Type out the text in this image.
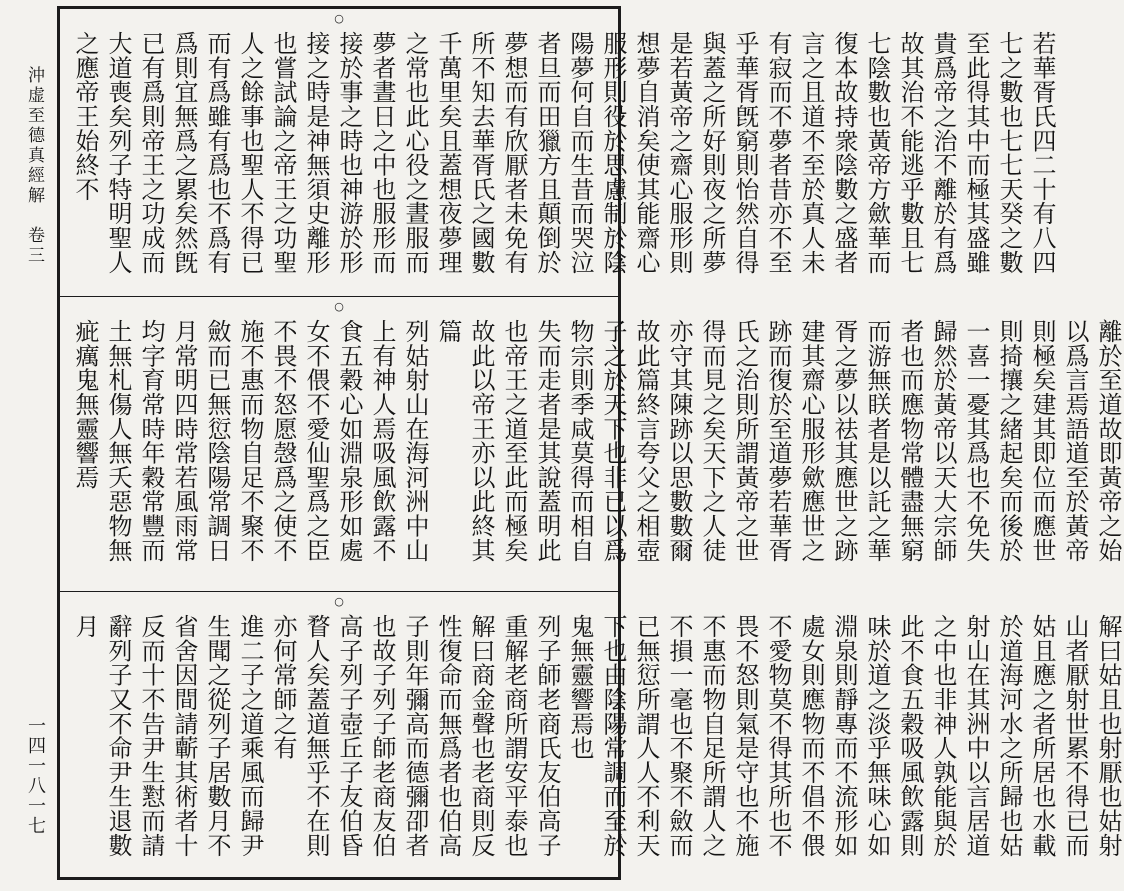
沖虚至德真經解　卷三
一四一八一七
○

若華胥氏四二十有八四七之數也七七天癸之數至此得其中而極其盛雖貴爲帝之治不離於有爲故其治不能逃乎數且七七陰數也黃帝方歛華而復本故持衆陰數之盛者言之且道不至於真人未有寂而不夢者昔亦不至乎華胥旣窮則怡然自得與蓋之所好則夜之所夢是若黃帝之齋心服形則想夢自消矣使其能齋心服形則役於思慮制於陰陽夢何自而生昔而哭泣者旦而田獵方且顛倒於夢想而有欣厭者未免有所不知去華胥氏之國數千萬里矣且蓋想夜夢理之常也此心役之晝服而夢者晝日之中也服形而接於事之時也神游於形接之時是神無須史離形也嘗試論之帝王之功聖人之餘事也聖人不得已而有爲雖有爲也不爲有爲則宜無爲之累矣然旣已有爲則帝王之功成而大道喪矣列子特明聖人之應帝王始終不

○

離於至道故即黃帝之始以爲言焉語道至於黃帝則極矣建其即位而應世則掎攘之緒起矣而後於一喜一憂其爲也不免失歸然於黃帝以天大宗師者也而應物常體盡無窮而游無眹者是以託之華胥之夢以祛其應世之跡建其齋心服形歛應世之跡而復於至道夢若華胥氏之治則所謂黃帝之世得而見之矣天下之人徒亦守其陳跡以思數數爾故此篇終言夸父之相壺子之於天下也非已以爲物宗則季咸莫得而相自失而走者是其說蓋明此也帝王之道至此而極矣故此以帝王亦以此終其篇

列姑射山在海河洲中山上有神人焉吸風飲露不食五穀心如淵泉形如處女不偎不愛仙聖爲之臣不畏不怒愿愨爲之使不施不惠而物自足不聚不斂而已無愆陰陽常調日月常明四時常若風雨常均字育常時年穀常豐而土無札傷人無夭惡物無疵癘鬼無靈響焉

○

解曰姑且也射厭也姑射山者厭射世累不得已而姑且應之者所居也水載於道海河水之所歸也姑射山在其洲中以言居道之中也非神人孰能與於此不食五穀吸風飲露則味於道之淡乎無味心如淵泉則靜專而不流形如處女則應物而不倡不偎不愛物莫不得其所也不畏不怒則氣是守也不施不惠而物自足所謂人之不損一毫也不聚不斂而已無愆所謂人人不利天下也由陰陽常調而至於鬼無靈響焉也

列子師老商氏友伯高子

重解老商所謂安平泰也

解曰商金聲也老商則反性復命而無爲者也伯高子則年彌高而德彌卲者也故子列子師老商友伯高子列子壺丘子友伯昏瞀人矣蓋道無乎不在則亦何常師之有

進二子之道乘風而歸尹生聞之從列子居數月不省舍因間請蘄其術者十反而十不告尹生懟而請辭列子又不命尹生退數月
